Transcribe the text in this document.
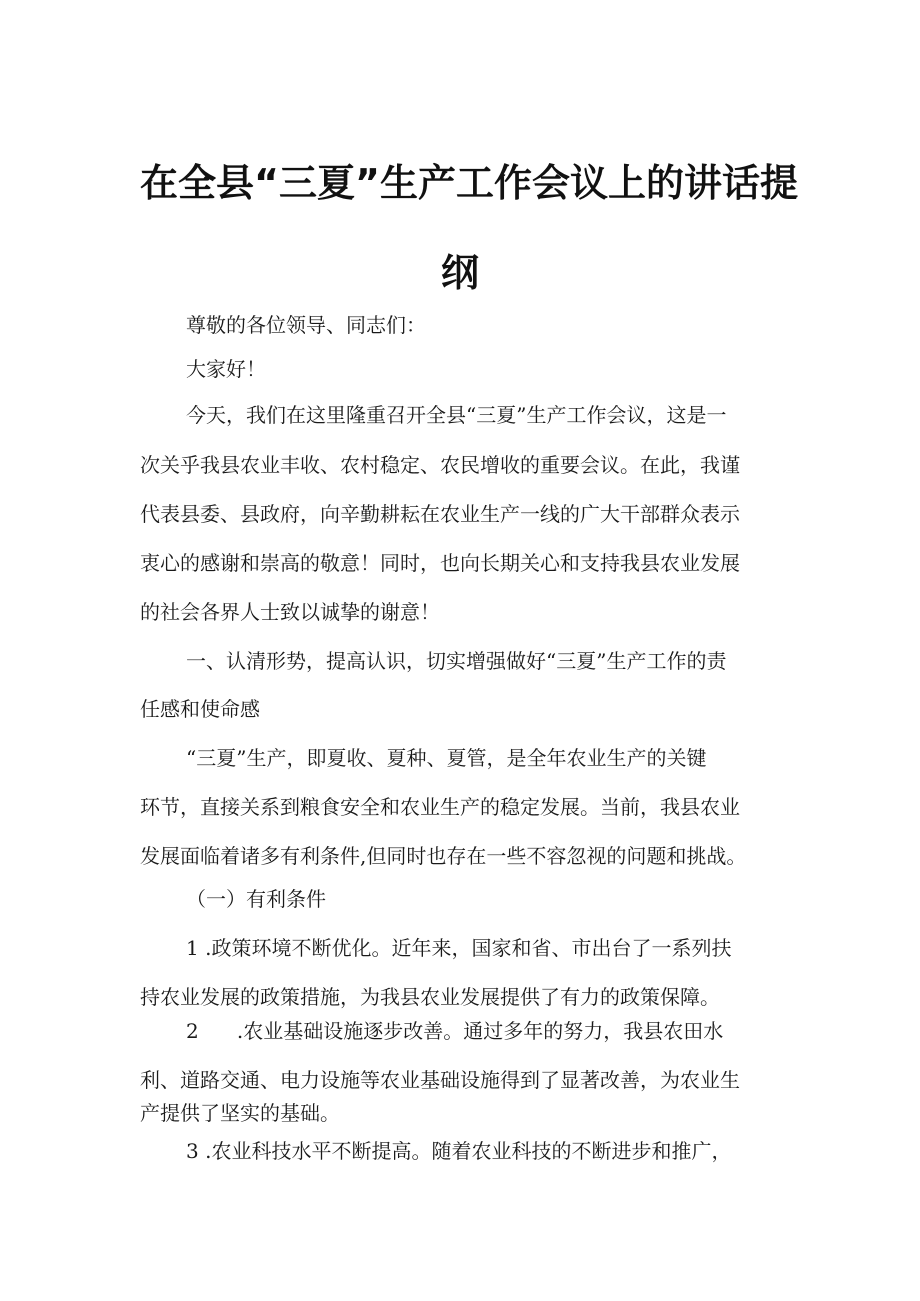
在全县“三夏”生产工作会议上的讲话提
纲
尊敬的各位领导、同志们：
大家好！
今天，我们在这里隆重召开全县“三夏”生产工作会议，这是一
次关乎我县农业丰收、农村稳定、农民增收的重要会议。在此，我谨
代表县委、县政府，向辛勤耕耘在农业生产一线的广大干部群众表示
衷心的感谢和崇高的敬意！同时，也向长期关心和支持我县农业发展
的社会各界人士致以诚挚的谢意！
一、认清形势，提高认识，切实增强做好“三夏”生产工作的责
任感和使命感
“三夏”生产，即夏收、夏种、夏管，是全年农业生产的关键
环节，直接关系到粮食安全和农业生产的稳定发展。当前，我县农业
发展面临着诸多有利条件,但同时也存在一些不容忽视的问题和挑战。
（一）有利条件
1 .政策环境不断优化。近年来，国家和省、市出台了一系列扶
持农业发展的政策措施，为我县农业发展提供了有力的政策保障。
2      .农业基础设施逐步改善。通过多年的努力，我县农田水
利、道路交通、电力设施等农业基础设施得到了显著改善，为农业生
产提供了坚实的基础。
3 .农业科技水平不断提高。随着农业科技的不断进步和推广，
